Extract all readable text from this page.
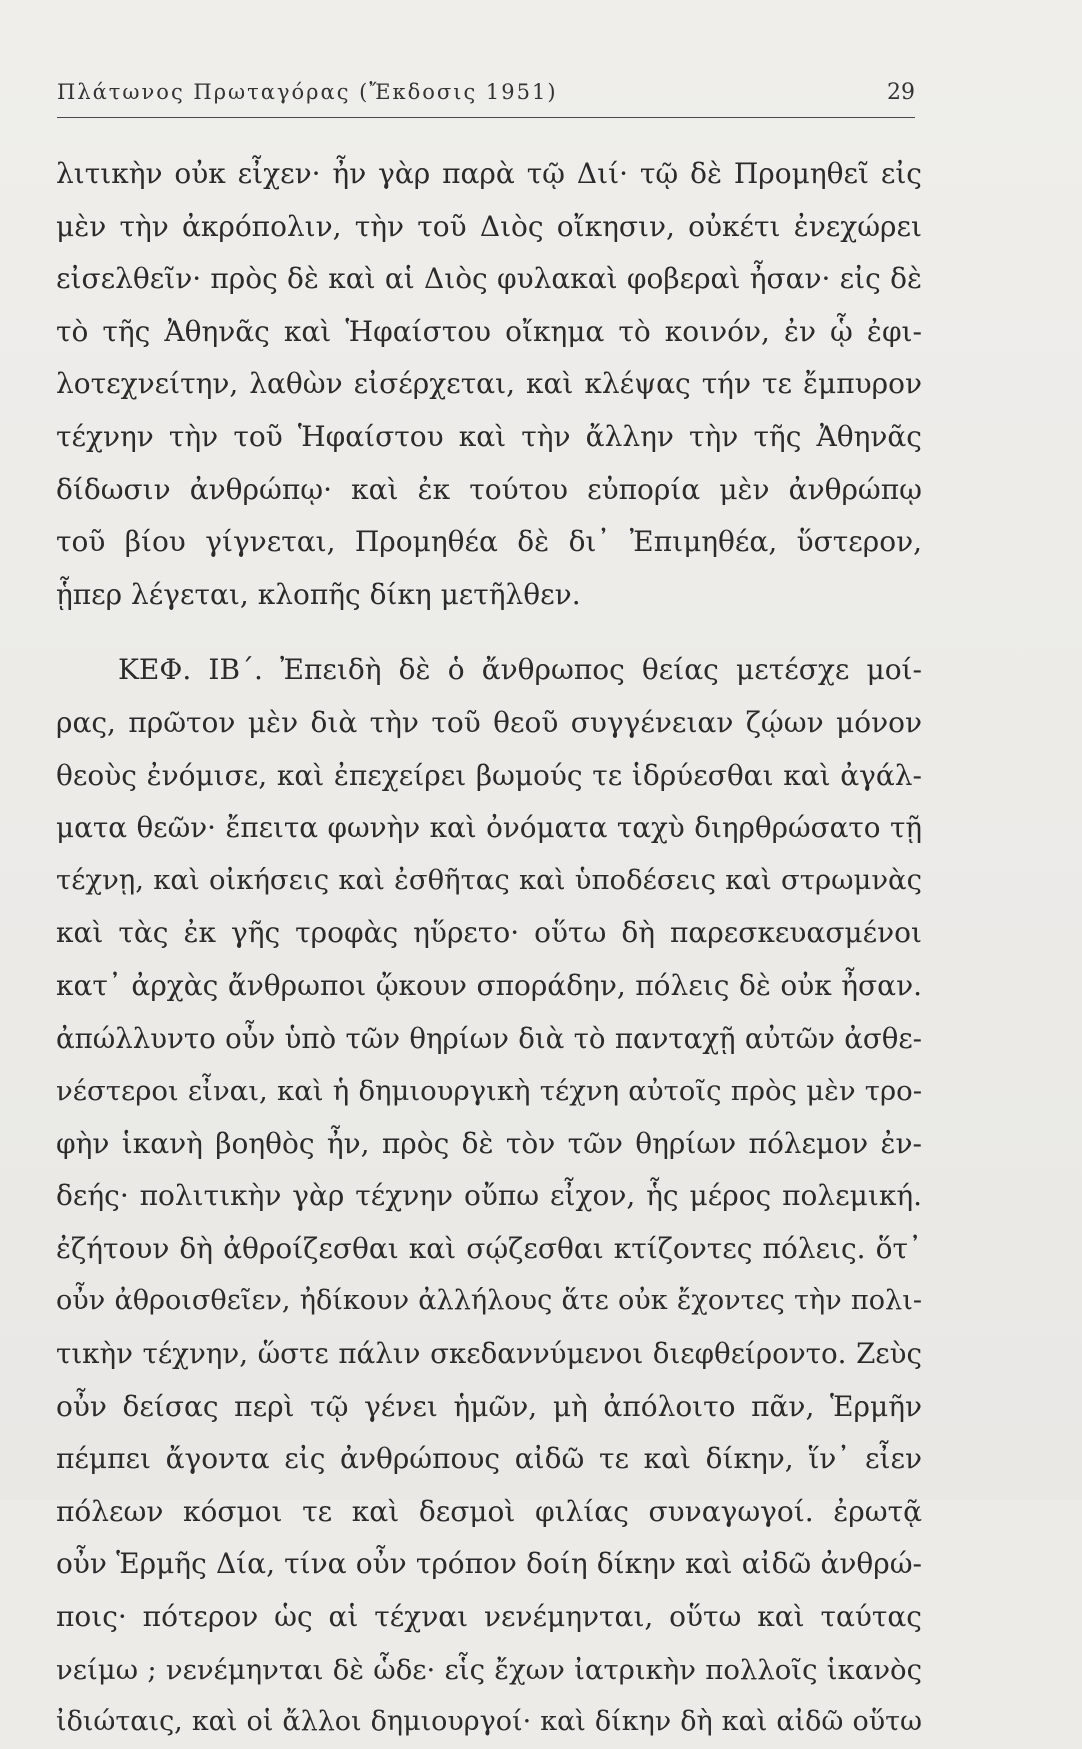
Πλάτωνος Πρωταγόρας (Ἔκδοσις 1951)	29
λιτικὴν οὐκ εἶχεν· ἦν γὰρ παρὰ τῷ Διί· τῷ δὲ Προμηθεῖ εἰς
μὲν τὴν ἀκρόπολιν, τὴν τοῦ Διὸς οἴκησιν, οὐκέτι ἐνεχώρει
εἰσελθεῖν· πρὸς δὲ καὶ αἱ Διὸς φυλακαὶ φοβεραὶ ἦσαν· εἰς δὲ
τὸ τῆς Ἀθηνᾶς καὶ Ἡφαίστου οἴκημα τὸ κοινόν, ἐν ᾧ ἐφι-
λοτεχνείτην, λαθὼν εἰσέρχεται, καὶ κλέψας τήν τε ἔμπυρον
τέχνην τὴν τοῦ Ἡφαίστου καὶ τὴν ἄλλην τὴν τῆς Ἀθηνᾶς
δίδωσιν ἀνθρώπῳ· καὶ ἐκ τούτου εὐπορία μὲν ἀνθρώπῳ
τοῦ βίου γίγνεται, Προμηθέα δὲ δι᾽ Ἐπιμηθέα, ὕστερον,
ᾗπερ λέγεται, κλοπῆς δίκη μετῆλθεν.
ΚΕΦ. ΙΒ΄. Ἐπειδὴ δὲ ὁ ἄνθρωπος θείας μετέσχε μοί-
ρας, πρῶτον μὲν διὰ τὴν τοῦ θεοῦ συγγένειαν ζῴων μόνον
θεοὺς ἐνόμισε, καὶ ἐπεχείρει βωμούς τε ἱδρύεσθαι καὶ ἀγάλ-
ματα θεῶν· ἔπειτα φωνὴν καὶ ὀνόματα ταχὺ διηρθρώσατο τῇ
τέχνῃ, καὶ οἰκήσεις καὶ ἐσθῆτας καὶ ὑποδέσεις καὶ στρωμνὰς
καὶ τὰς ἐκ γῆς τροφὰς ηὕρετο· οὕτω δὴ παρεσκευασμένοι
κατ᾽ ἀρχὰς ἄνθρωποι ᾤκουν σποράδην, πόλεις δὲ οὐκ ἦσαν.
ἀπώλλυντο οὖν ὑπὸ τῶν θηρίων διὰ τὸ πανταχῇ αὐτῶν ἀσθε-
νέστεροι εἶναι, καὶ ἡ δημιουργικὴ τέχνη αὐτοῖς πρὸς μὲν τρο-
φὴν ἱκανὴ βοηθὸς ἦν, πρὸς δὲ τὸν τῶν θηρίων πόλεμον ἐν-
δεής· πολιτικὴν γὰρ τέχνην οὔπω εἶχον, ἧς μέρος πολεμική.
ἐζήτουν δὴ ἀθροίζεσθαι καὶ σῴζεσθαι κτίζοντες πόλεις. ὅτ᾽
οὖν ἀθροισθεῖεν, ἠδίκουν ἀλλήλους ἅτε οὐκ ἔχοντες τὴν πολι-
τικὴν τέχνην, ὥστε πάλιν σκεδαννύμενοι διεφθείροντο. Ζεὺς
οὖν δείσας περὶ τῷ γένει ἡμῶν, μὴ ἀπόλοιτο πᾶν, Ἑρμῆν
πέμπει ἄγοντα εἰς ἀνθρώπους αἰδῶ τε καὶ δίκην, ἵν᾽ εἶεν
πόλεων κόσμοι τε καὶ δεσμοὶ φιλίας συναγωγοί. ἐρωτᾷ
οὖν Ἑρμῆς Δία, τίνα οὖν τρόπον δοίη δίκην καὶ αἰδῶ ἀνθρώ-
ποις· πότερον ὡς αἱ τέχναι νενέμηνται, οὕτω καὶ ταύτας
νείμω ; νενέμηνται δὲ ὧδε· εἷς ἔχων ἰατρικὴν πολλοῖς ἱκανὸς
ἰδιώταις, καὶ οἱ ἄλλοι δημιουργοί· καὶ δίκην δὴ καὶ αἰδῶ οὕτω
